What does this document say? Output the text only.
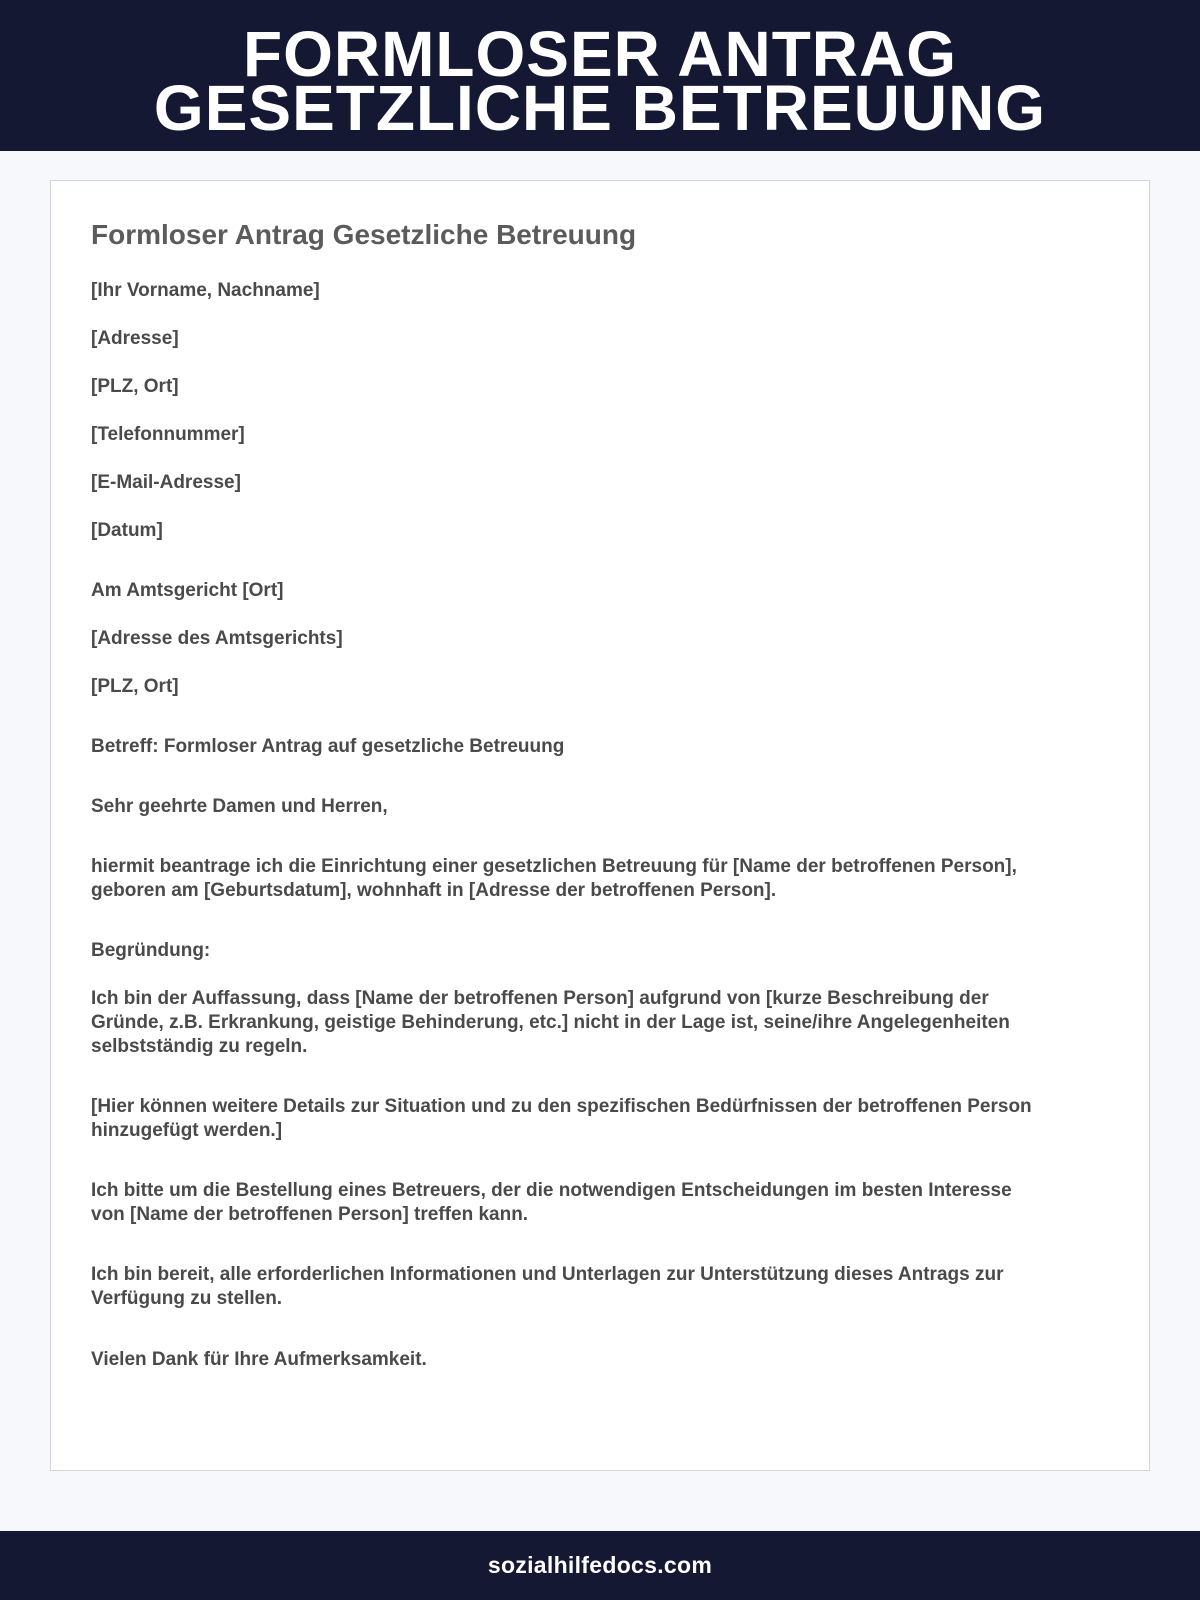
FORMLOSER ANTRAG
GESETZLICHE BETREUUNG
Formloser Antrag Gesetzliche Betreuung

[Ihr Vorname, Nachname]

[Adresse]

[PLZ, Ort]

[Telefonnummer]

[E-Mail-Adresse]

[Datum]

Am Amtsgericht [Ort]

[Adresse des Amtsgerichts]

[PLZ, Ort]

Betreff: Formloser Antrag auf gesetzliche Betreuung

Sehr geehrte Damen und Herren,

hiermit beantrage ich die Einrichtung einer gesetzlichen Betreuung für [Name der betroffenen Person],

geboren am [Geburtsdatum], wohnhaft in [Adresse der betroffenen Person].

Begründung:

Ich bin der Auffassung, dass [Name der betroffenen Person] aufgrund von [kurze Beschreibung der

Gründe, z.B. Erkrankung, geistige Behinderung, etc.] nicht in der Lage ist, seine/ihre Angelegenheiten

selbstständig zu regeln.

[Hier können weitere Details zur Situation und zu den spezifischen Bedürfnissen der betroffenen Person

hinzugefügt werden.]

Ich bitte um die Bestellung eines Betreuers, der die notwendigen Entscheidungen im besten Interesse

von [Name der betroffenen Person] treffen kann.

Ich bin bereit, alle erforderlichen Informationen und Unterlagen zur Unterstützung dieses Antrags zur

Verfügung zu stellen.

Vielen Dank für Ihre Aufmerksamkeit.

sozialhilfedocs.com
